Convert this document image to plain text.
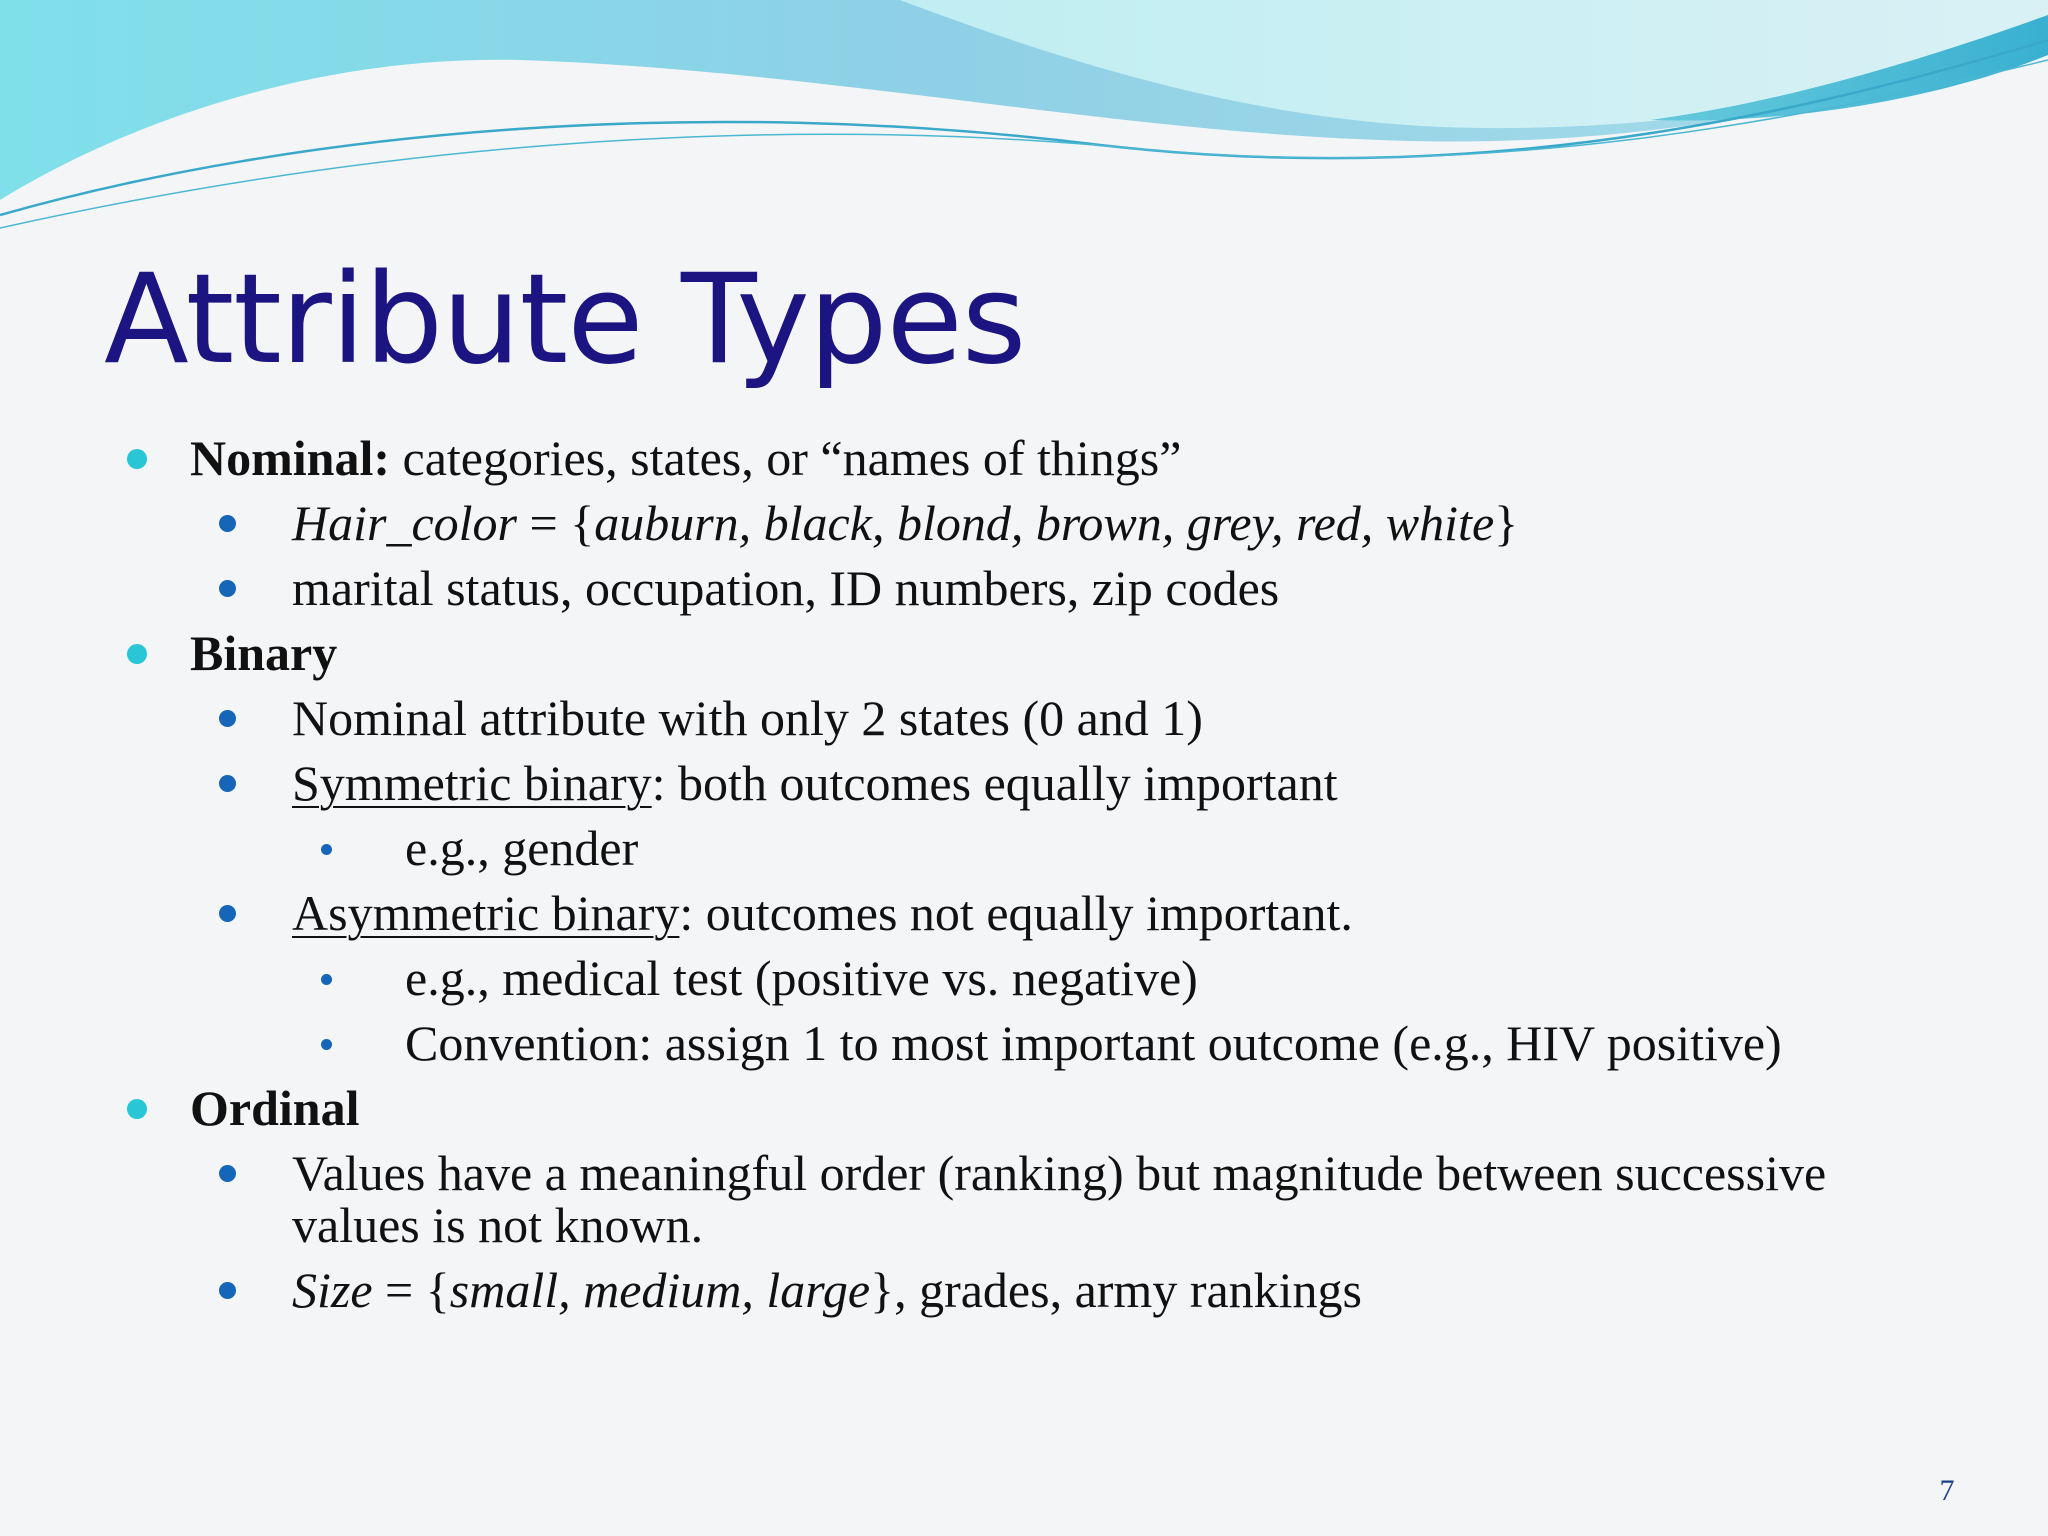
Attribute Types
Nominal: categories, states, or “names of things”
Hair_color = {auburn, black, blond, brown, grey, red, white}
marital status, occupation, ID numbers, zip codes
Binary
Nominal attribute with only 2 states (0 and 1)
Symmetric binary: both outcomes equally important
e.g., gender
Asymmetric binary: outcomes not equally important.
e.g., medical test (positive vs. negative)
Convention: assign 1 to most important outcome (e.g., HIV positive)
Ordinal
Values have a meaningful order (ranking) but magnitude between successive values is not known.
Size = {small, medium, large}, grades, army rankings
7
